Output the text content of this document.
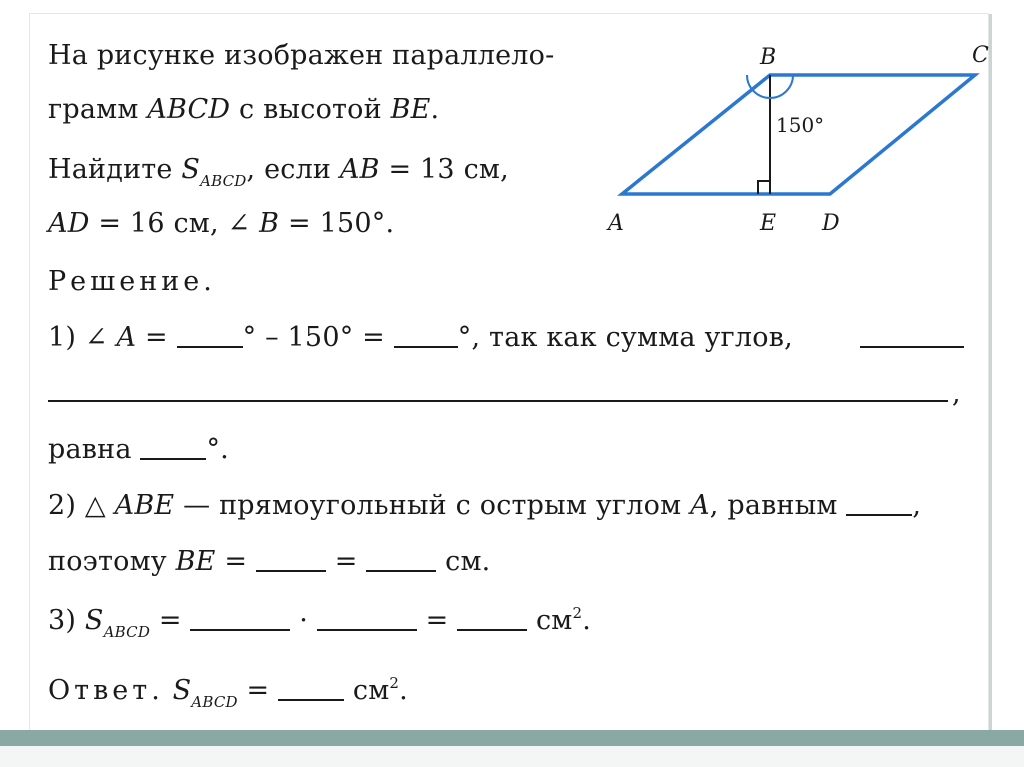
На рисунке изображен параллело-
грамм ABCD с высотой BE.
Найдите $S_{ABCD}$, если AB = 13 см,
AD = 16 см, ∠ B = 150°.
Решение.
1) ∠ A = ° – 150° = °, так как сумма углов,
,
равна °.
2) △ ABE — прямоугольный с острым углом A, равным ,
поэтому BE =	=	см.
3) $S_{ABCD}$ =	·	=	$см^2$.
Ответ. $S_{ABCD} = см^2$.
B	C
A	E D
150°
